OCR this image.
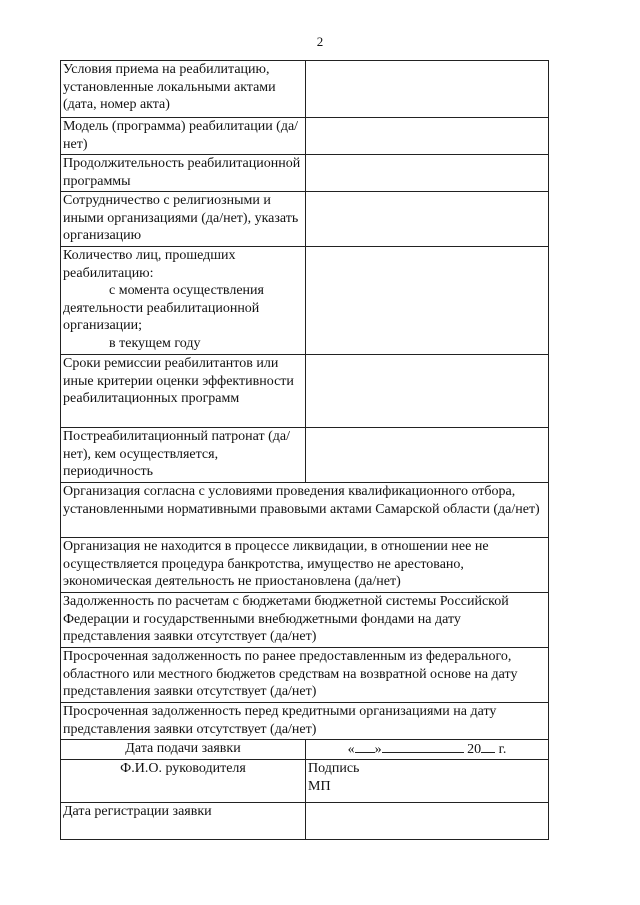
2
Условия приема на реабилитацию, установленные локальными актами (дата, номер акта)	
Модель (программа) реабилитации (да/нет)	
Продолжительность реабилитационной программы	
Сотрудничество с религиозными и иными организациями (да/нет), указать организацию	
Количество лиц, прошедших реабилитацию:
с момента осуществления деятельности реабилитационной организации;
в текущем году	

Сроки ремиссии реабилитантов или иные критерии оценки эффективности реабилитационных программ	
Постреабилитационный патронат (да/нет), кем осуществляется, периодичность	
Организация согласна с условиями проведения квалификационного отбора, установленными нормативными правовыми актами Самарской области (да/нет)	
Организация не находится в процессе ликвидации, в отношении нее не осуществляется процедура банкротства, имущество не арестовано, экономическая деятельность не приостановлена (да/нет)	
Задолженность по расчетам с бюджетами бюджетной системы Российской Федерации и государственными внебюджетными фондами на дату представления заявки отсутствует (да/нет)	
Просроченная задолженность по ранее предоставленным из федерального, областного или местного бюджетов средствам на возвратной основе на дату представления заявки отсутствует (да/нет)	
Просроченная задолженность перед кредитными организациями на дату представления заявки отсутствует (да/нет)	
Дата подачи заявки	« » 20 г.
Ф.И.О. руководителя	Подпись
МП

Дата регистрации заявки	
